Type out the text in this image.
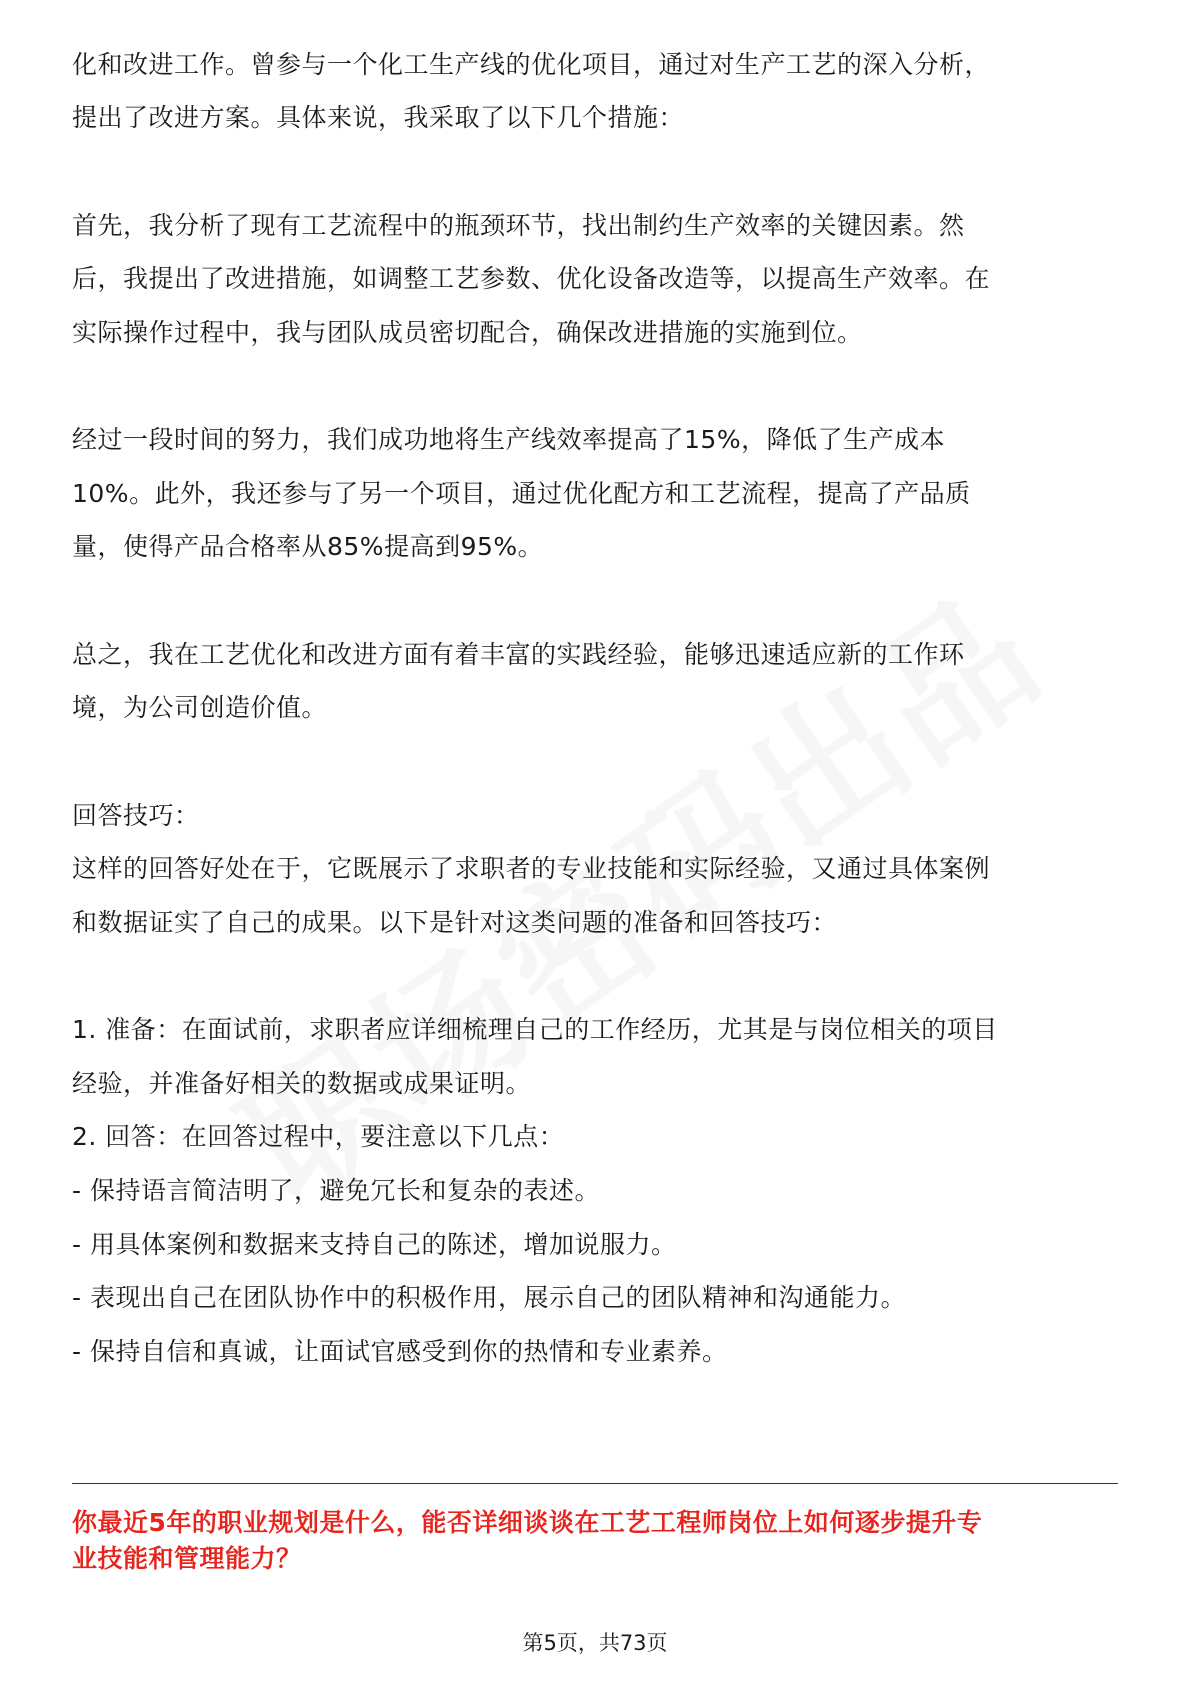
化和改进工作。曾参与一个化工生产线的优化项目，通过对生产工艺的深入分析，
提出了改进方案。具体来说，我采取了以下几个措施：
首先，我分析了现有工艺流程中的瓶颈环节，找出制约生产效率的关键因素。然
后，我提出了改进措施，如调整工艺参数、优化设备改造等，以提高生产效率。在
实际操作过程中，我与团队成员密切配合，确保改进措施的实施到位。
经过一段时间的努力，我们成功地将生产线效率提高了15%，降低了生产成本
10%。此外，我还参与了另一个项目，通过优化配方和工艺流程，提高了产品质
量，使得产品合格率从85%提高到95%。
总之，我在工艺优化和改进方面有着丰富的实践经验，能够迅速适应新的工作环
境，为公司创造价值。
回答技巧：
这样的回答好处在于，它既展示了求职者的专业技能和实际经验，又通过具体案例
和数据证实了自己的成果。以下是针对这类问题的准备和回答技巧：
1. 准备：在面试前，求职者应详细梳理自己的工作经历，尤其是与岗位相关的项目
经验，并准备好相关的数据或成果证明。
2. 回答：在回答过程中，要注意以下几点：
- 保持语言简洁明了，避免冗长和复杂的表述。
- 用具体案例和数据来支持自己的陈述，增加说服力。
- 表现出自己在团队协作中的积极作用，展示自己的团队精神和沟通能力。
- 保持自信和真诚，让面试官感受到你的热情和专业素养。
你最近5年的职业规划是什么，能否详细谈谈在工艺工程师岗位上如何逐步提升专
业技能和管理能力？
第5页，共73页
